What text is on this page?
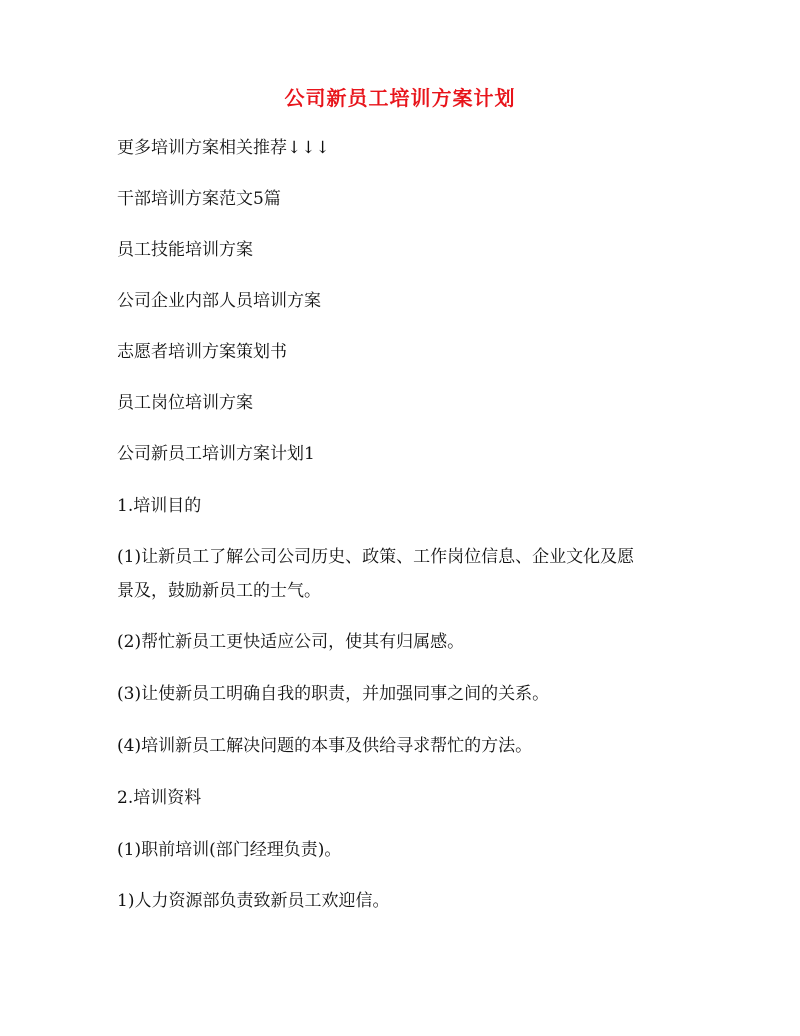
公司新员工培训方案计划
更多培训方案相关推荐↓↓↓
干部培训方案范文5篇
员工技能培训方案
公司企业内部人员培训方案
志愿者培训方案策划书
员工岗位培训方案
公司新员工培训方案计划1
1.培训目的
(1)让新员工了解公司公司历史、政策、工作岗位信息、企业文化及愿
景及，鼓励新员工的士气。
(2)帮忙新员工更快适应公司，使其有归属感。
(3)让使新员工明确自我的职责，并加强同事之间的关系。
(4)培训新员工解决问题的本事及供给寻求帮忙的方法。
2.培训资料
(1)职前培训(部门经理负责)。
1)人力资源部负责致新员工欢迎信。
